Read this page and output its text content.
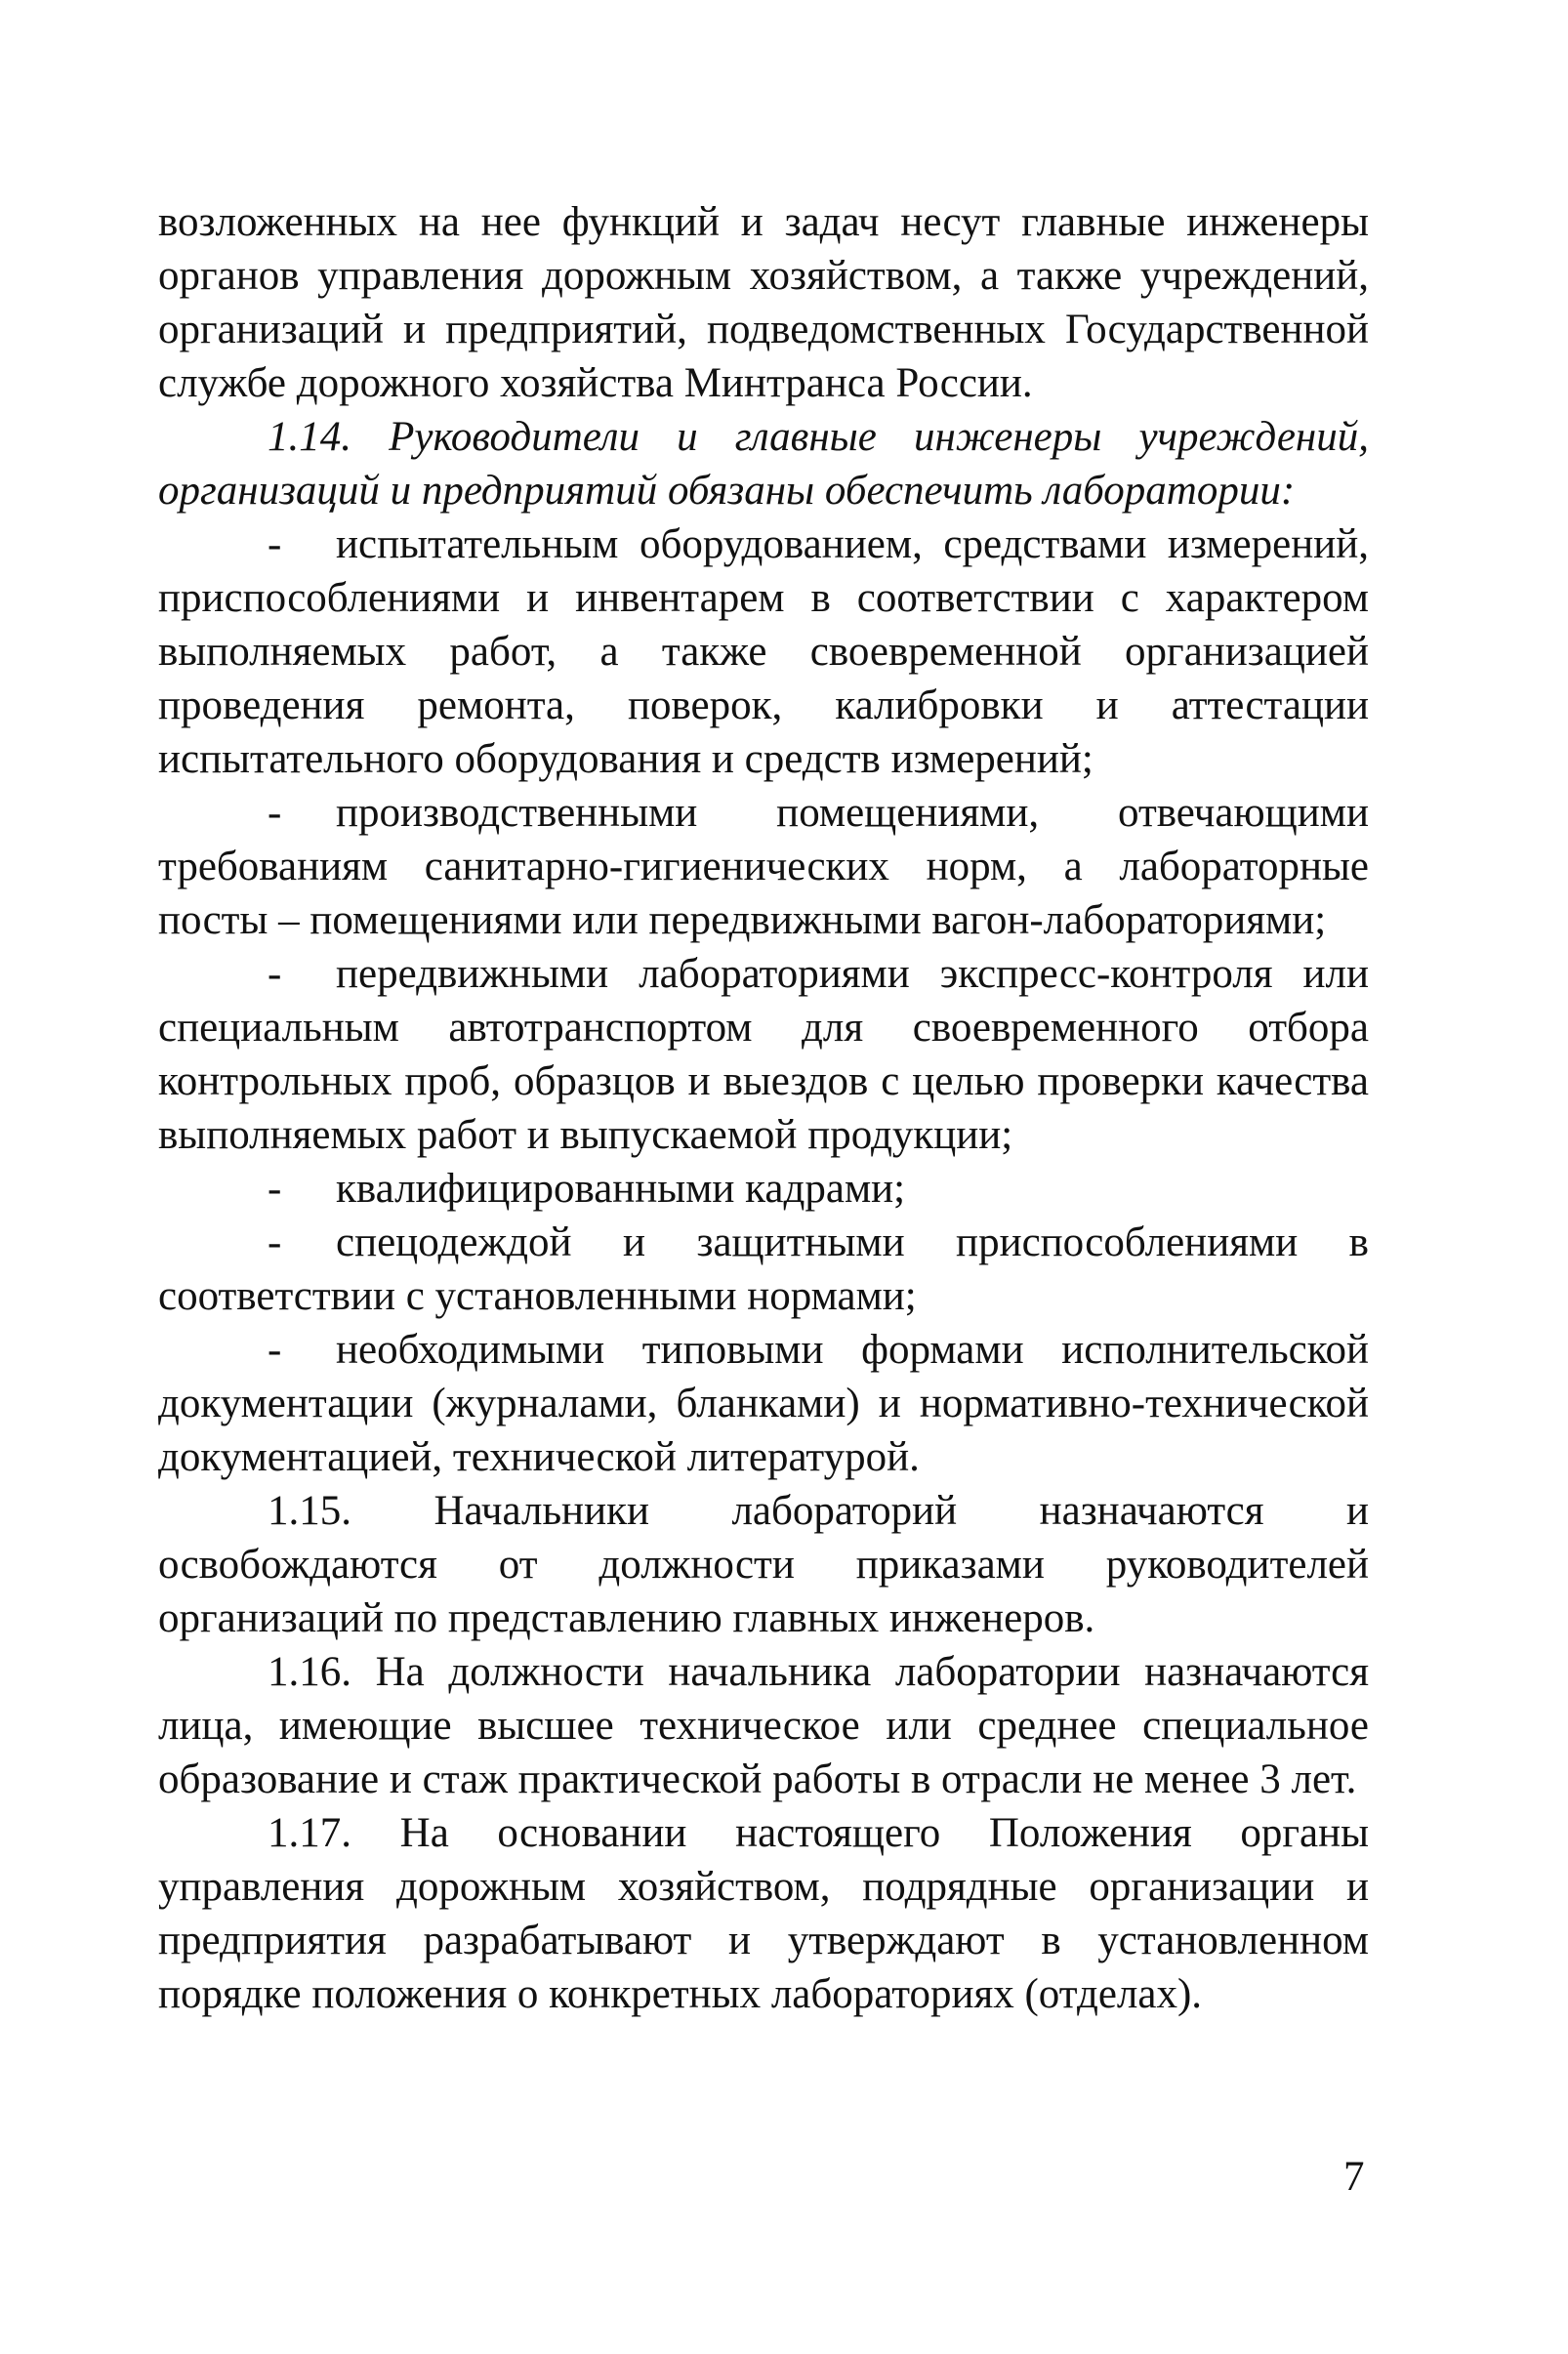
возложенных на нее функций и задач несут главные инженеры органов управления дорожным хозяйством, а также учреждений, организаций и предприятий, подведомственных Государственной службе дорожного хозяйства Минтранса России.

1.14. Руководители и главные инженеры учреждений, организаций и предприятий обязаны обеспечить лаборатории:

- испытательным оборудованием, средствами измерений, приспособлениями и инвентарем в соответствии с характером выполняемых работ, а также своевременной организацией проведения ремонта, поверок, калибровки и аттестации испытательного оборудования и средств измерений;

- производственными помещениями, отвечающими требованиям санитарно-гигиенических норм, а лабораторные посты – помещениями или передвижными вагон-лабораториями;

- передвижными лабораториями экспресс-контроля или специальным автотранспортом для своевременного отбора контрольных проб, образцов и выездов с целью проверки качества выполняемых работ и выпускаемой продукции;

- квалифицированными кадрами;

- спецодеждой и защитными приспособлениями в соответствии с установленными нормами;

- необходимыми типовыми формами исполнительской документации (журналами, бланками) и нормативно-технической документацией, технической литературой.

1.15. Начальники лабораторий назначаются и освобождаются от должности приказами руководителей организаций по представлению главных инженеров.

1.16. На должности начальника лаборатории назначаются лица, имеющие высшее техническое или среднее специальное образование и стаж практической работы в отрасли не менее 3 лет.

1.17. На основании настоящего Положения органы управления дорожным хозяйством, подрядные организации и предприятия разрабатывают и утверждают в установленном порядке положения о конкретных лабораториях (отделах).

7
